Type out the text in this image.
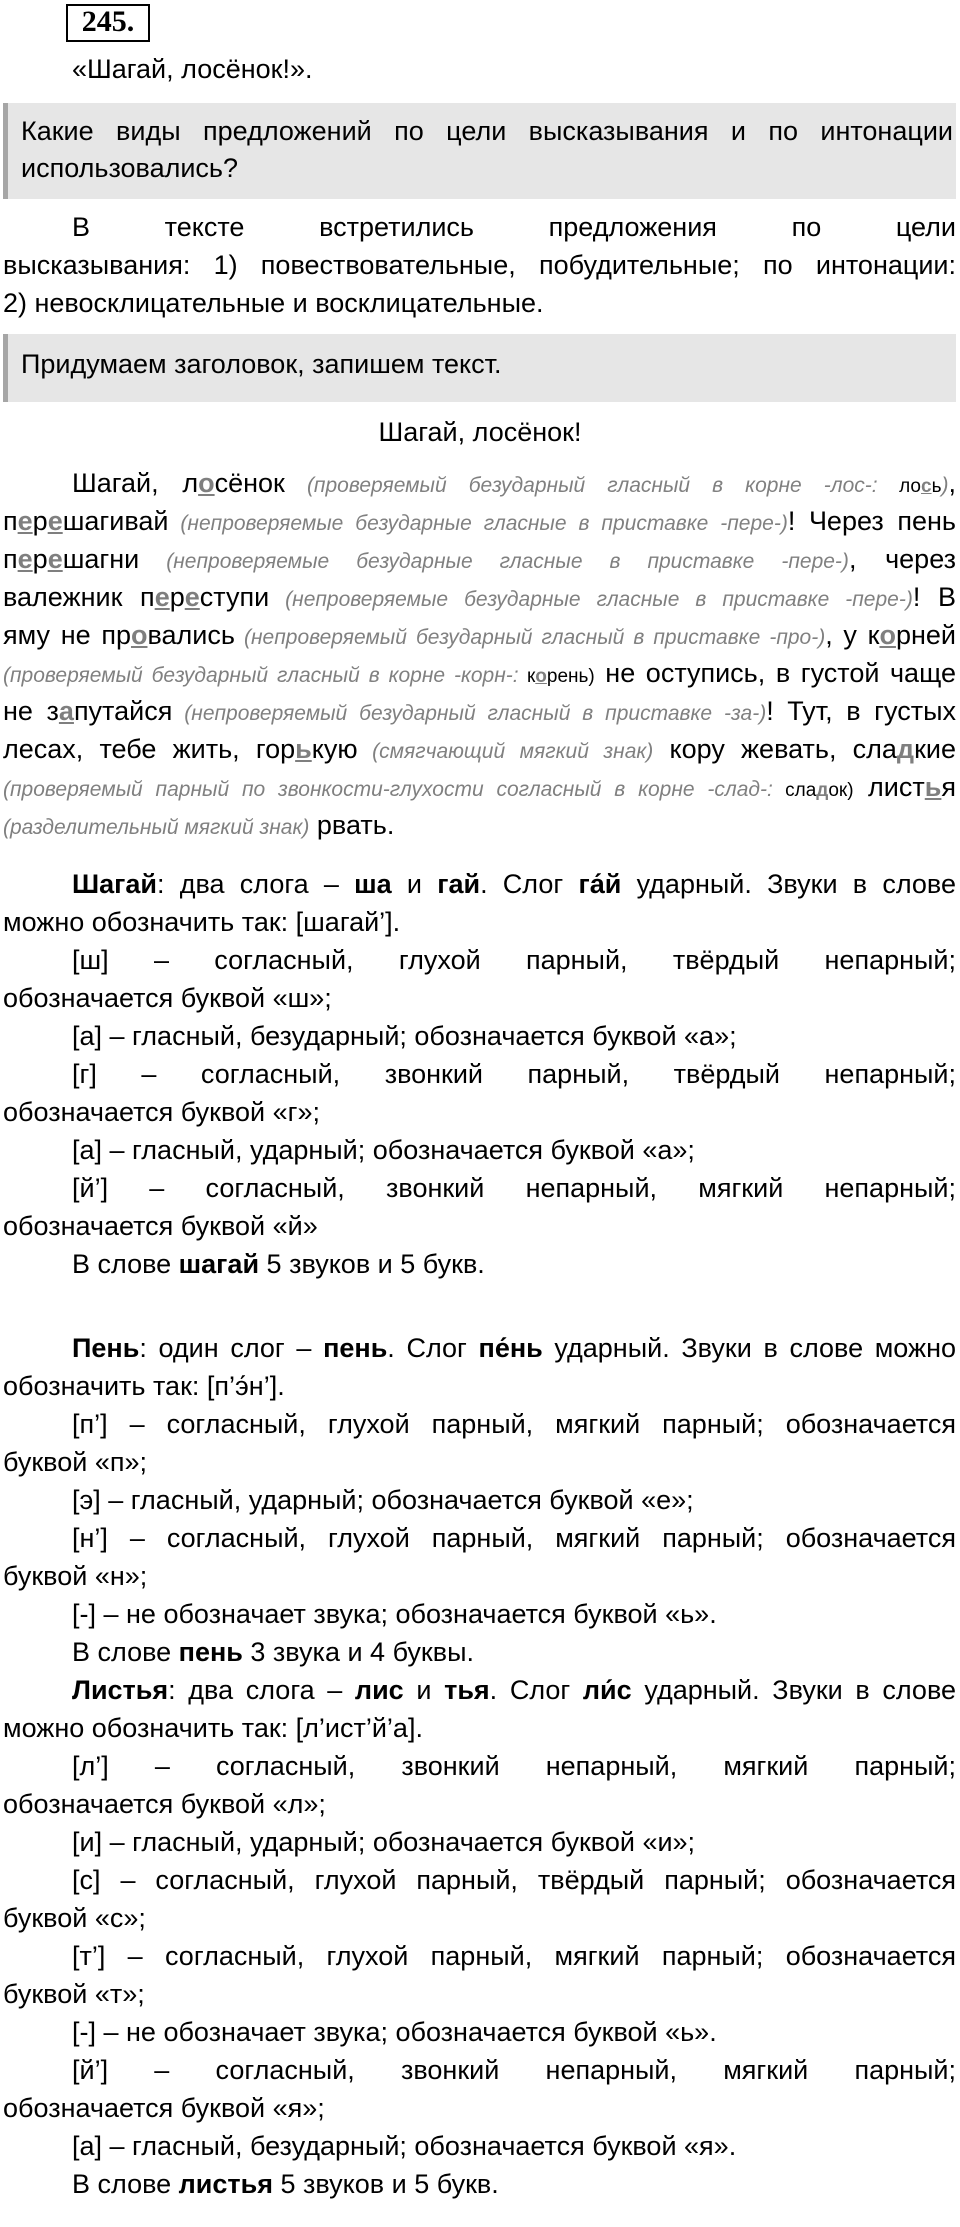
245.
«Шагай, лосёнок!».
Какие виды предложений по цели высказывания и по интонации
использовались?
В тексте встретились предложения по цели
высказывания: 1) повествовательные, побудительные; по интонации:
2) невосклицательные и восклицательные.
Придумаем заголовок, запишем текст.
Шагай, лосёнок!
Шагай, лосёнок (проверяемый безударный гласный в корне -лос-: лось),
перешагивай (непроверяемые безударные гласные в приставке -пере-)! Через пень
перешагни (непроверяемые безударные гласные в приставке -пере-), через
валежник переступи (непроверяемые безударные гласные в приставке -пере-)! В
яму не провались (непроверяемый безударный гласный в приставке -про-), у корней
(проверяемый безударный гласный в корне -корн-: корень) не оступись, в густой чаще
не запутайся (непроверяемый безударный гласный в приставке -за-)! Тут, в густых
лесах, тебе жить, горькую (смягчающий мягкий знак) кору жевать, сладкие
(проверяемый парный по звонкости-глухости согласный в корне -слад-: сладок) листья
(разделительный мягкий знак) рвать.
Шагай: два слога – ша и гай. Слог га́й ударный. Звуки в слове
можно обозначить так: [шагай’].
[ш] – согласный, глухой парный, твёрдый непарный;
обозначается буквой «ш»;
[а] – гласный, безударный; обозначается буквой «а»;
[г] – согласный, звонкий парный, твёрдый непарный;
обозначается буквой «г»;
[а] – гласный, ударный; обозначается буквой «а»;
[й’] – согласный, звонкий непарный, мягкий непарный;
обозначается буквой «й»
В слове шагай 5 звуков и 5 букв.
Пень: один слог – пень. Слог пе́нь ударный. Звуки в слове можно
обозначить так: [п’э́н’].
[п’] – согласный, глухой парный, мягкий парный; обозначается
буквой «п»;
[э] – гласный, ударный; обозначается буквой «е»;
[н’] – согласный, глухой парный, мягкий парный; обозначается
буквой «н»;
[-] – не обозначает звука; обозначается буквой «ь».
В слове пень 3 звука и 4 буквы.
Листья: два слога – лис и тья. Слог ли́с ударный. Звуки в слове
можно обозначить так: [л’ист’й’а].
[л’] – согласный, звонкий непарный, мягкий парный;
обозначается буквой «л»;
[и] – гласный, ударный; обозначается буквой «и»;
[с] – согласный, глухой парный, твёрдый парный; обозначается
буквой «с»;
[т’] – согласный, глухой парный, мягкий парный; обозначается
буквой «т»;
[-] – не обозначает звука; обозначается буквой «ь».
[й’] – согласный, звонкий непарный, мягкий парный;
обозначается буквой «я»;
[а] – гласный, безударный; обозначается буквой «я».
В слове листья 5 звуков и 5 букв.
